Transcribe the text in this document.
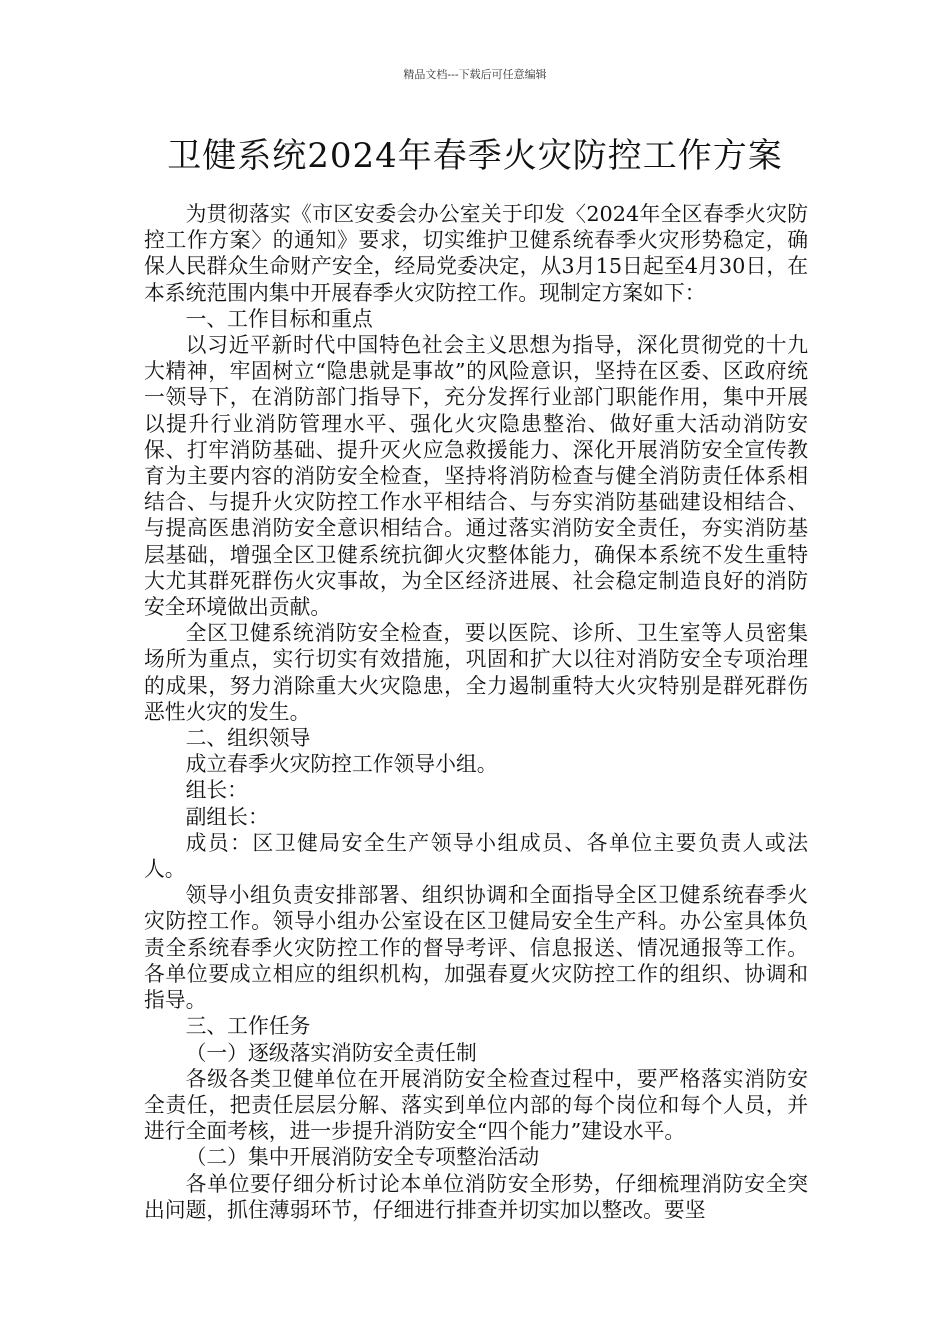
精品文档---下载后可任意编辑
卫健系统2024年春季火灾防控工作方案

为贯彻落实《市区安委会办公室关于印发〈2024年全区春季火灾防控工作方案〉的通知》要求，切实维护卫健系统春季火灾形势稳定，确保人民群众生命财产安全，经局党委决定，从3月15日起至4月30日，在本系统范围内集中开展春季火灾防控工作。现制定方案如下：

一、工作目标和重点

以习近平新时代中国特色社会主义思想为指导，深化贯彻党的十九大精神，牢固树立“隐患就是事故”的风险意识，坚持在区委、区政府统一领导下，在消防部门指导下，充分发挥行业部门职能作用，集中开展以提升行业消防管理水平、强化火灾隐患整治、做好重大活动消防安保、打牢消防基础、提升灭火应急救援能力、深化开展消防安全宣传教育为主要内容的消防安全检查，坚持将消防检查与健全消防责任体系相结合、与提升火灾防控工作水平相结合、与夯实消防基础建设相结合、与提高医患消防安全意识相结合。通过落实消防安全责任，夯实消防基层基础，增强全区卫健系统抗御火灾整体能力，确保本系统不发生重特大尤其群死群伤火灾事故，为全区经济进展、社会稳定制造良好的消防安全环境做出贡献。

全区卫健系统消防安全检查，要以医院、诊所、卫生室等人员密集场所为重点，实行切实有效措施，巩固和扩大以往对消防安全专项治理的成果，努力消除重大火灾隐患，全力遏制重特大火灾特别是群死群伤恶性火灾的发生。

二、组织领导

成立春季火灾防控工作领导小组。

组长：

副组长：

成员：区卫健局安全生产领导小组成员、各单位主要负责人或法人。

领导小组负责安排部署、组织协调和全面指导全区卫健系统春季火灾防控工作。领导小组办公室设在区卫健局安全生产科。办公室具体负责全系统春季火灾防控工作的督导考评、信息报送、情况通报等工作。各单位要成立相应的组织机构，加强春夏火灾防控工作的组织、协调和指导。

三、工作任务

（一）逐级落实消防安全责任制

各级各类卫健单位在开展消防安全检查过程中，要严格落实消防安全责任，把责任层层分解、落实到单位内部的每个岗位和每个人员，并进行全面考核，进一步提升消防安全“四个能力”建设水平。

（二）集中开展消防安全专项整治活动

各单位要仔细分析讨论本单位消防安全形势，仔细梳理消防安全突出问题，抓住薄弱环节，仔细进行排查并切实加以整改。要坚
